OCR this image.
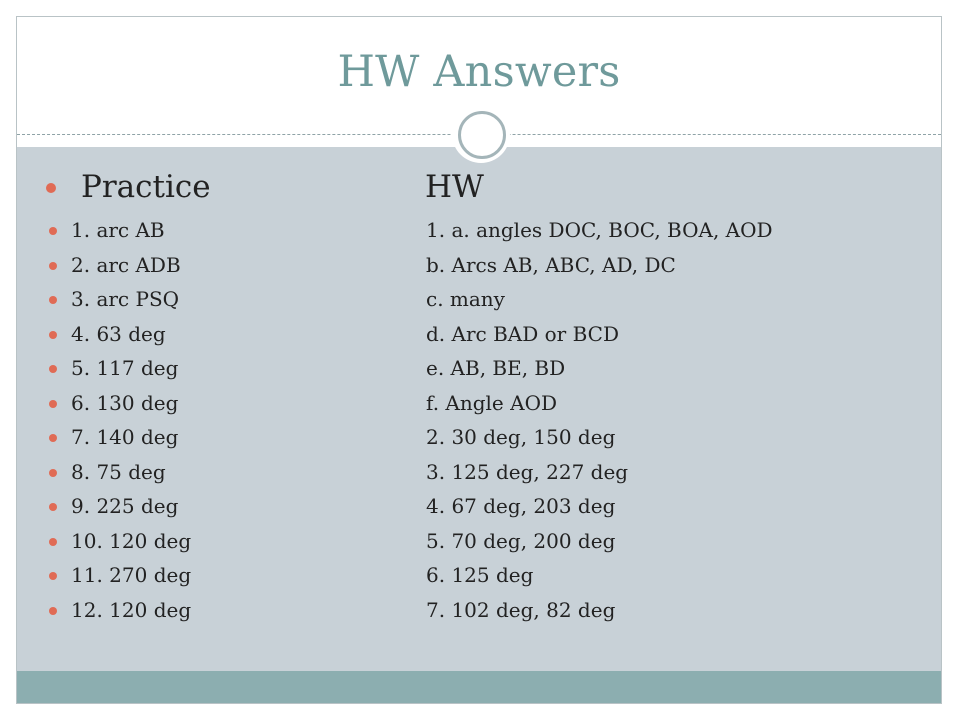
HW Answers
Practice	HW
1. arc AB	1. a. angles DOC, BOC, BOA, AOD
2. arc ADB	b. Arcs AB, ABC, AD, DC
3. arc PSQ	c. many
4. 63 deg	d. Arc BAD or BCD
5. 117 deg	e. AB, BE, BD
6. 130 deg	f. Angle AOD
7. 140 deg	2. 30 deg, 150 deg
8. 75 deg	3. 125 deg, 227 deg
9. 225 deg	4. 67 deg, 203 deg
10. 120 deg	5. 70 deg, 200 deg
11. 270 deg	6. 125 deg
12. 120 deg	7. 102 deg, 82 deg
